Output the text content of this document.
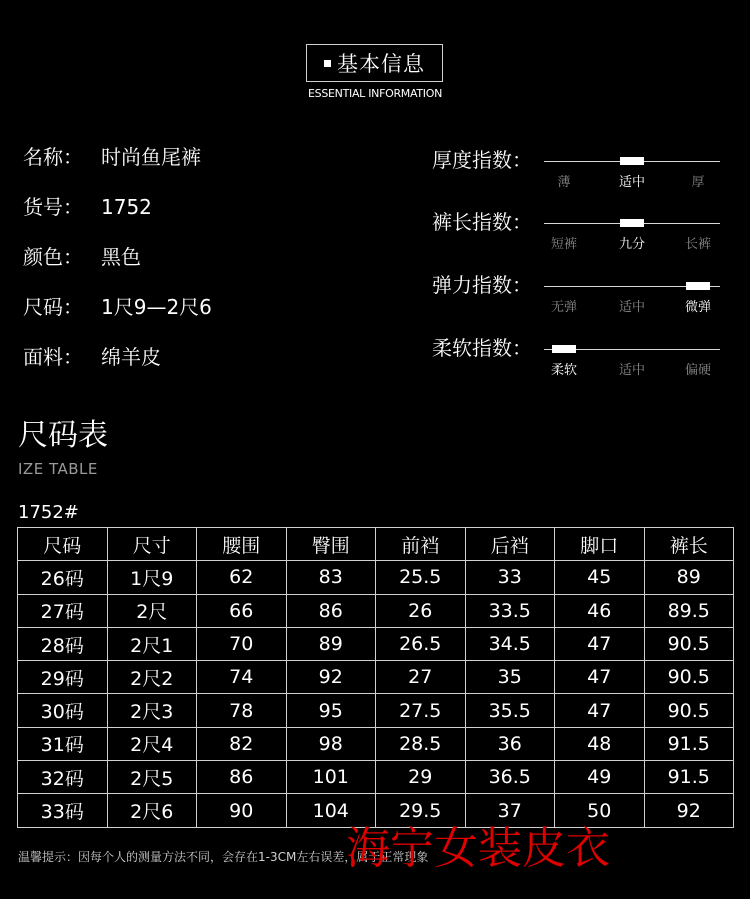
基本信息
ESSENTIAL INFORMATION
名称： 时尚鱼尾裤
货号： 1752
颜色： 黑色
尺码： 1尺9—2尺6
面料： 绵羊皮
厚度指数：
薄	适中	厚
裤长指数：
短裤	九分	长裤
弹力指数：
无弹	适中	微弹
柔软指数：
柔软	适中	偏硬
尺码表
IZE TABLE
1752#
尺码	尺寸	腰围	臀围	前裆	后裆	脚口	裤长
26码	1尺9	62	83	25.5	33	45	89
27码	2尺	66	86	26	33.5	46	89.5
28码	2尺1	70	89	26.5	34.5	47	90.5
29码	2尺2	74	92	27	35	47	90.5
30码	2尺3	78	95	27.5	35.5	47	90.5
31码	2尺4	82	98	28.5	36	48	91.5
32码	2尺5	86	101	29	36.5	49	91.5
33码	2尺6	90	104	29.5	37	50	92
温馨提示：因每个人的测量方法不同，会存在1-3CM左右误差，属于正常现象
海宁女装皮衣
